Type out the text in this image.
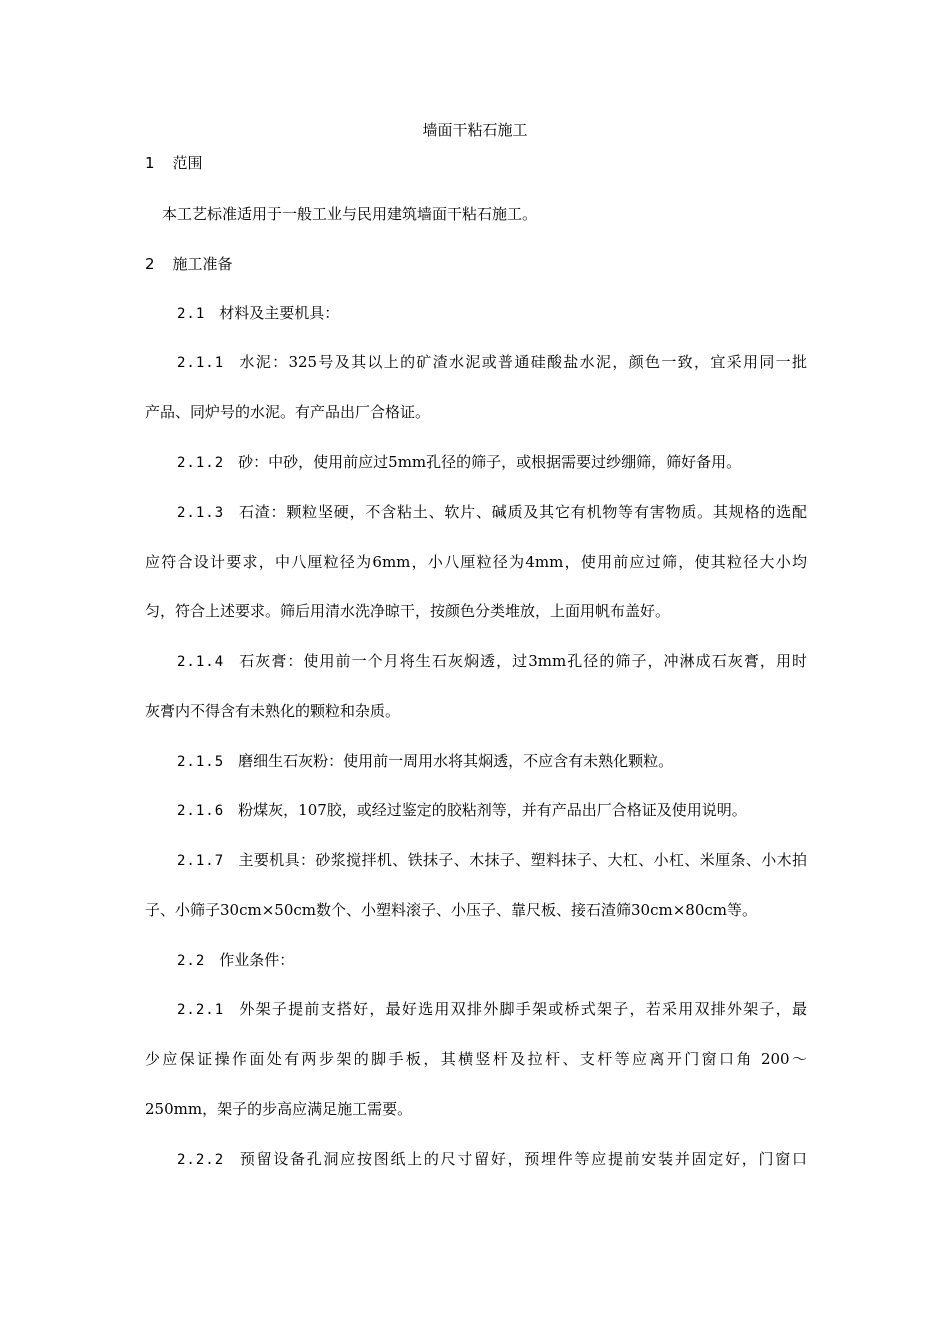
墙面干粘石施工
1 范围
本工艺标准适用于一般工业与民用建筑墙面干粘石施工。
2 施工准备
2.1 材料及主要机具：
2.1.1 水泥：325号及其以上的矿渣水泥或普通硅酸盐水泥，颜色一致，宜采用同一批
产品、同炉号的水泥。有产品出厂合格证。
2.1.2 砂：中砂，使用前应过5mm孔径的筛子，或根据需要过纱绷筛，筛好备用。
2.1.3 石渣：颗粒坚硬，不含粘土、软片、碱质及其它有机物等有害物质。其规格的选配
应符合设计要求，中八厘粒径为6mm，小八厘粒径为4mm，使用前应过筛，使其粒径大小均
匀，符合上述要求。筛后用清水洗净晾干，按颜色分类堆放，上面用帆布盖好。
2.1.4 石灰膏：使用前一个月将生石灰焖透，过3mm孔径的筛子，冲淋成石灰膏，用时
灰膏内不得含有未熟化的颗粒和杂质。
2.1.5 磨细生石灰粉：使用前一周用水将其焖透，不应含有未熟化颗粒。
2.1.6 粉煤灰，107胶，或经过鉴定的胶粘剂等，并有产品出厂合格证及使用说明。
2.1.7 主要机具：砂浆搅拌机、铁抹子、木抹子、塑料抹子、大杠、小杠、米厘条、小木拍
子、小筛子30cm×50cm数个、小塑料滚子、小压子、靠尺板、接石渣筛30cm×80cm等。
2.2 作业条件：
2.2.1 外架子提前支搭好，最好选用双排外脚手架或桥式架子，若采用双排外架子，最
少应保证操作面处有两步架的脚手板，其横竖杆及拉杆、支杆等应离开门窗口角 200～
250mm，架子的步高应满足施工需要。
2.2.2 预留设备孔洞应按图纸上的尺寸留好，预埋件等应提前安装并固定好，门窗口
